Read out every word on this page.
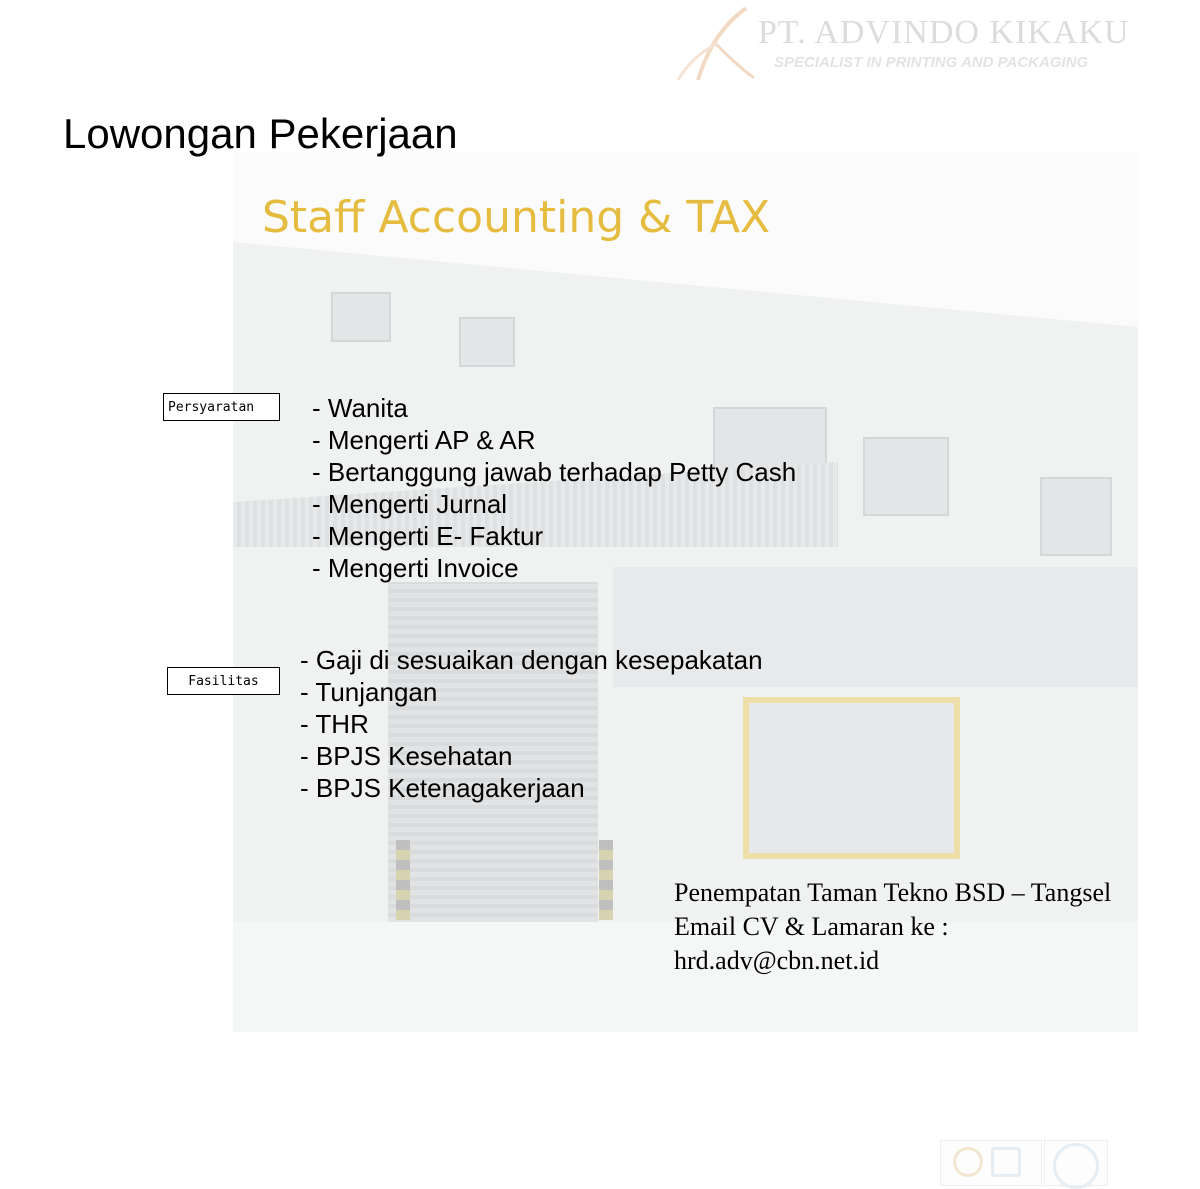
PT. ADVINDO KIKAKU
SPECIALIST IN PRINTING AND PACKAGING
Lowongan Pekerjaan
Staff Accounting & TAX
Persyaratan	- Wanita
- Mengerti AP & AR
- Bertanggung jawab terhadap Petty Cash
- Mengerti Jurnal
- Mengerti E- Faktur
- Mengerti Invoice
Fasilitas
- Gaji di sesuaikan dengan kesepakatan
- Tunjangan
- THR
- BPJS Kesehatan
- BPJS Ketenagakerjaan
Penempatan Taman Tekno BSD – Tangsel
Email CV & Lamaran ke :
hrd.adv@cbn.net.id
